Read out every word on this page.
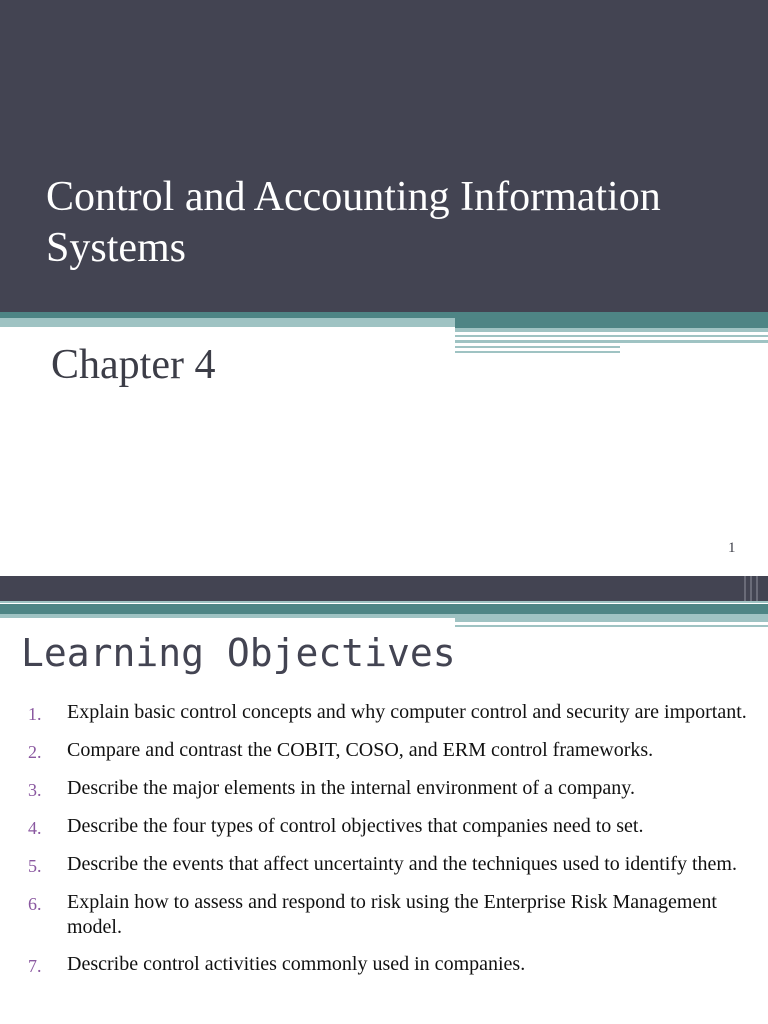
Control and Accounting Information Systems
Chapter 4
1
Learning Objectives
1. Explain basic control concepts and why computer control and security are important.
2. Compare and contrast the COBIT, COSO, and ERM control frameworks.
3. Describe the major elements in the internal environment of a company.
4. Describe the four types of control objectives that companies need to set.
5. Describe the events that affect uncertainty and the techniques used to identify them.
6. Explain how to assess and respond to risk using the Enterprise Risk Management model.
7. Describe control activities commonly used in companies.
